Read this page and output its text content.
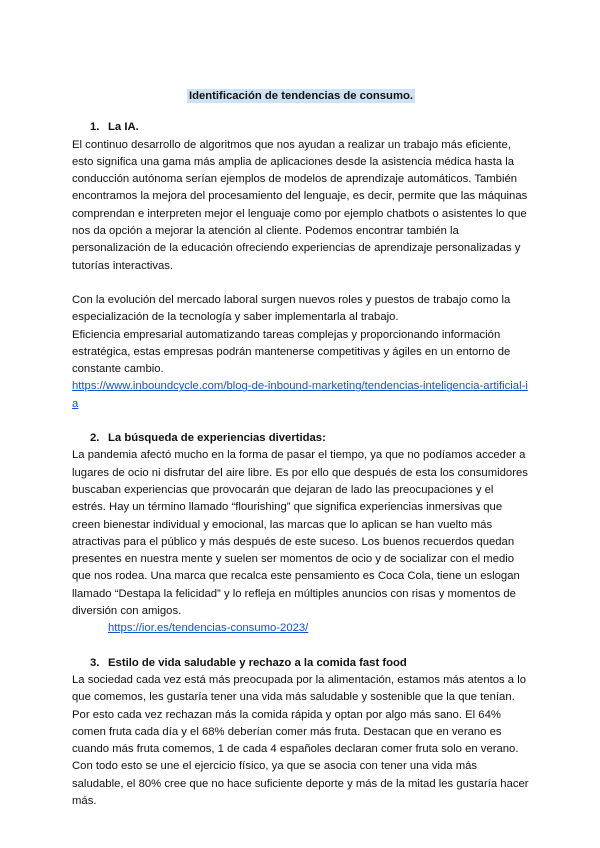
Identificación de tendencias de consumo.
1. La IA.

El continuo desarrollo de algoritmos que nos ayudan a realizar un trabajo más eficiente, esto significa una gama más amplia de aplicaciones desde la asistencia médica hasta la conducción autónoma serían ejemplos de modelos de aprendizaje automáticos. También encontramos la mejora del procesamiento del lenguaje, es decir, permite que las máquinas comprendan e interpreten mejor el lenguaje como por ejemplo chatbots o asistentes lo que nos da opción a mejorar la atención al cliente. Podemos encontrar también la personalización de la educación ofreciendo experiencias de aprendizaje personalizadas y tutorías interactivas.

Con la evolución del mercado laboral surgen nuevos roles y puestos de trabajo como la especialización de la tecnología y saber implementarla al trabajo.

Eficiencia empresarial automatizando tareas complejas y proporcionando información estratégica, estas empresas podrán mantenerse competitivas y ágiles en un entorno de constante cambio.

https://www.inboundcycle.com/blog-de-inbound-marketing/tendencias-inteligencia-artificial-ia

2. La búsqueda de experiencias divertidas:

La pandemia afectó mucho en la forma de pasar el tiempo, ya que no podíamos acceder a lugares de ocio ni disfrutar del aire libre. Es por ello que después de esta los consumidores buscaban experiencias que provocarán que dejaran de lado las preocupaciones y el estrés. Hay un término llamado “flourishing” que significa experiencias inmersivas que creen bienestar individual y emocional, las marcas que lo aplican se han vuelto más atractivas para el público y más después de este suceso. Los buenos recuerdos quedan presentes en nuestra mente y suelen ser momentos de ocio y de socializar con el medio que nos rodea. Una marca que recalca este pensamiento es Coca Cola, tiene un eslogan llamado “Destapa la felicidad” y lo refleja en múltiples anuncios con risas y momentos de diversión con amigos.

https://ior.es/tendencias-consumo-2023/

3. Estilo de vida saludable y rechazo a la comida fast food

La sociedad cada vez está más preocupada por la alimentación, estamos más atentos a lo que comemos, les gustaría tener una vida más saludable y sostenible que la que tenían. Por esto cada vez rechazan más la comida rápida y optan por algo más sano. El 64% comen fruta cada día y el 68% deberían comer más fruta. Destacan que en verano es cuando más fruta comemos, 1 de cada 4 españoles declaran comer fruta solo en verano. Con todo esto se une el ejercicio físico, ya que se asocia con tener una vida más saludable, el 80% cree que no hace suficiente deporte y más de la mitad les gustaría hacer más.
